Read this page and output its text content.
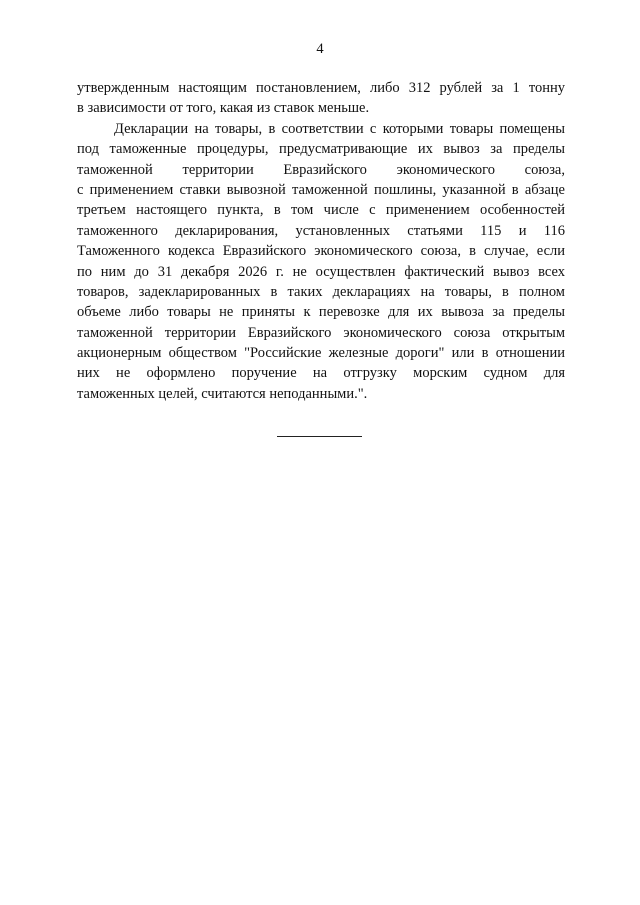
4
утвержденным настоящим постановлением, либо 312 рублей за 1 тонну
в зависимости от того, какая из ставок меньше.
Декларации на товары, в соответствии с которыми товары помещены
под таможенные процедуры, предусматривающие их вывоз за пределы
таможенной территории Евразийского экономического союза,
с применением ставки вывозной таможенной пошлины, указанной в абзаце
третьем настоящего пункта, в том числе с применением особенностей
таможенного декларирования, установленных статьями 115 и 116
Таможенного кодекса Евразийского экономического союза, в случае, если
по ним до 31 декабря 2026 г. не осуществлен фактический вывоз всех
товаров, задекларированных в таких декларациях на товары, в полном
объеме либо товары не приняты к перевозке для их вывоза за пределы
таможенной территории Евразийского экономического союза открытым
акционерным обществом "Российские железные дороги" или в отношении
них не оформлено поручение на отгрузку морским судном для
таможенных целей, считаются неподанными.".
